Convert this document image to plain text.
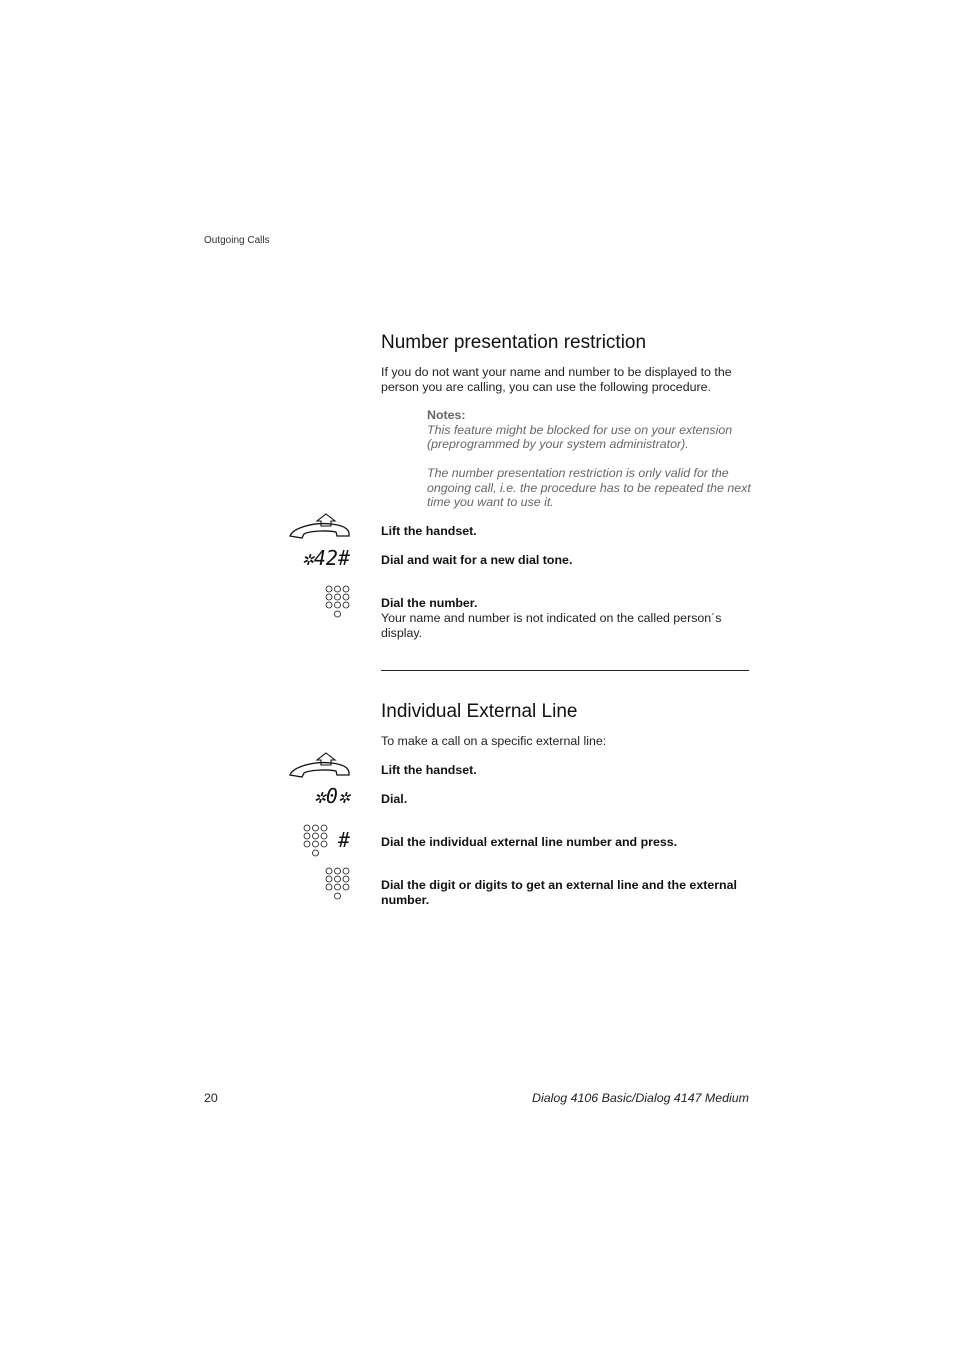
Outgoing Calls
Number presentation restriction
If you do not want your name and number to be displayed to the person you are calling, you can use the following procedure.
Notes:
This feature might be blocked for use on your extension (preprogrammed by your system administrator).
The number presentation restriction is only valid for the ongoing call, i.e. the procedure has to be repeated the next time you want to use it.
Lift the handset.
✲42#	Dial and wait for a new dial tone.
Dial the number.
Your name and number is not indicated on the called person´s display.
Individual External Line
To make a call on a specific external line:
Lift the handset.
✲0✲	Dial.
#	Dial the individual external line number and press.
Dial the digit or digits to get an external line and the external number.
20	Dialog 4106 Basic/Dialog 4147 Medium
